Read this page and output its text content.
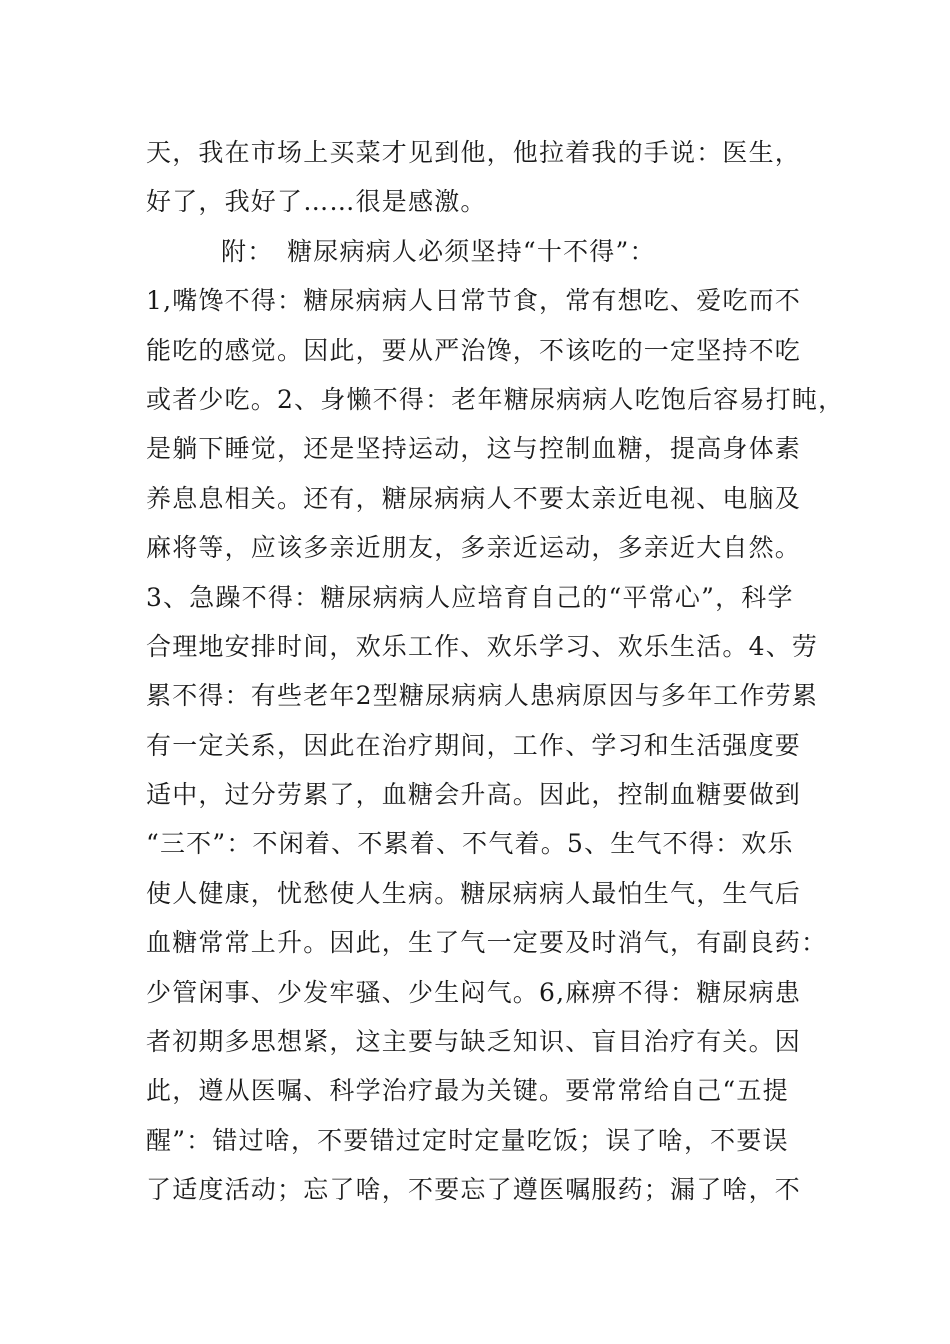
天，我在市场上买菜才见到他，他拉着我的手说：医生，
好了，我好了……很是感激。
附：　糖尿病病人必须坚持“十不得”：
1,嘴馋不得：糖尿病病人日常节食，常有想吃、爱吃而不
能吃的感觉。因此，要从严治馋，不该吃的一定坚持不吃
或者少吃。2、身懒不得：老年糖尿病病人吃饱后容易打盹，
是躺下睡觉，还是坚持运动，这与控制血糖，提高身体素
养息息相关。还有，糖尿病病人不要太亲近电视、电脑及
麻将等，应该多亲近朋友，多亲近运动，多亲近大自然。
3、急躁不得：糖尿病病人应培育自己的“平常心”，科学
合理地安排时间，欢乐工作、欢乐学习、欢乐生活。4、劳
累不得：有些老年2型糖尿病病人患病原因与多年工作劳累
有一定关系，因此在治疗期间，工作、学习和生活强度要
适中，过分劳累了，血糖会升高。因此，控制血糖要做到
“三不”：不闲着、不累着、不气着。5、生气不得：欢乐
使人健康，忧愁使人生病。糖尿病病人最怕生气，生气后
血糖常常上升。因此，生了气一定要及时消气，有副良药：
少管闲事、少发牢骚、少生闷气。6,麻痹不得：糖尿病患
者初期多思想紧，这主要与缺乏知识、盲目治疗有关。因
此，遵从医嘱、科学治疗最为关键。要常常给自己“五提
醒”：错过啥，不要错过定时定量吃饭；误了啥，不要误
了适度活动；忘了啥，不要忘了遵医嘱服药；漏了啥，不
